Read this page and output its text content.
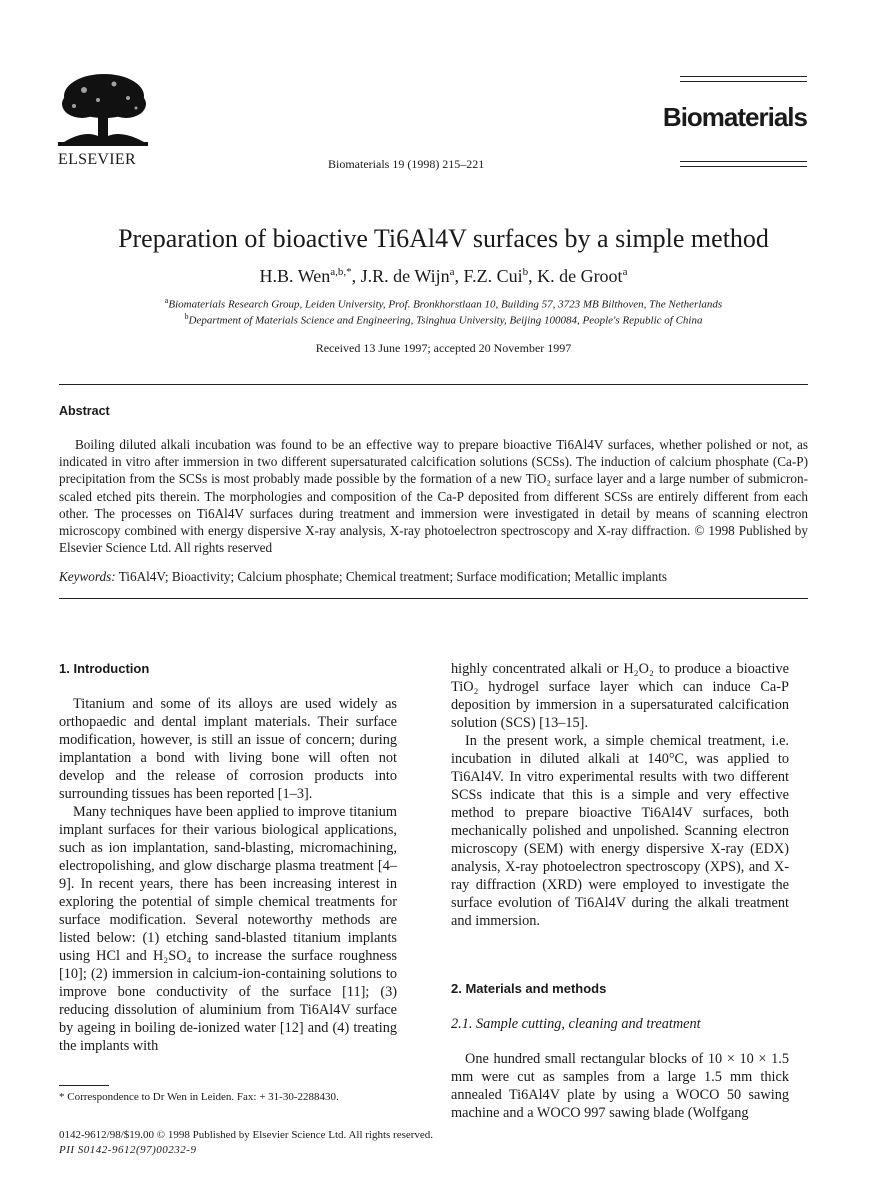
ELSEVIER	Biomaterials 19 (1998) 215–221
Biomaterials
Preparation of bioactive Ti6Al4V surfaces by a simple method
H.B. Wen$^{a,b,*}$, J.R. de Wijn$^a$, F.Z. Cui$^b$, K. de Groot$^a$
$^a$Biomaterials Research Group, Leiden University, Prof. Bronkhorstlaan 10, Building 57, 3723 MB Bilthoven, The Netherlands
$^b$Department of Materials Science and Engineering, Tsinghua University, Beijing 100084, People's Republic of China
Received 13 June 1997; accepted 20 November 1997
Abstract
Boiling diluted alkali incubation was found to be an effective way to prepare bioactive Ti6Al4V surfaces, whether polished or not, as indicated in vitro after immersion in two different supersaturated calcification solutions (SCSs). The induction of calcium phosphate (Ca-P) precipitation from the SCSs is most probably made possible by the formation of a new TiO₂ surface layer and a large number of submicron-scaled etched pits therein. The morphologies and composition of the Ca-P deposited from different SCSs are entirely different from each other. The processes on Ti6Al4V surfaces during treatment and immersion were investigated in detail by means of scanning electron microscopy combined with energy dispersive X-ray analysis, X-ray photoelectron spectroscopy and X-ray diffraction. © 1998 Published by Elsevier Science Ltd. All rights reserved
Keywords: Ti6Al4V; Bioactivity; Calcium phosphate; Chemical treatment; Surface modification; Metallic implants
1. Introduction

Titanium and some of its alloys are used widely as orthopaedic and dental implant materials. Their surface modification, however, is still an issue of concern; during implantation a bond with living bone will often not develop and the release of corrosion products into surrounding tissues has been reported [1–3].

Many techniques have been applied to improve titanium implant surfaces for their various biological applications, such as ion implantation, sand-blasting, micromachining, electropolishing, and glow discharge plasma treatment [4–9]. In recent years, there has been increasing interest in exploring the potential of simple chemical treatments for surface modification. Several noteworthy methods are listed below: (1) etching sand-blasted titanium implants using HCl and H₂SO₄ to increase the surface roughness [10]; (2) immersion in calcium-ion-containing solutions to improve bone conductivity of the surface [11]; (3) reducing dissolution of aluminium from Ti6Al4V surface by ageing in boiling de-ionized water [12] and (4) treating the implants with

highly concentrated alkali or H₂O₂ to produce a bioactive TiO₂ hydrogel surface layer which can induce Ca-P deposition by immersion in a supersaturated calcification solution (SCS) [13–15].

In the present work, a simple chemical treatment, i.e. incubation in diluted alkali at 140°C, was applied to Ti6Al4V. In vitro experimental results with two different SCSs indicate that this is a simple and very effective method to prepare bioactive Ti6Al4V surfaces, both mechanically polished and unpolished. Scanning electron microscopy (SEM) with energy dispersive X-ray (EDX) analysis, X-ray photoelectron spectroscopy (XPS), and X-ray diffraction (XRD) were employed to investigate the surface evolution of Ti6Al4V during the alkali treatment and immersion.

2. Materials and methods
2.1. Sample cutting, cleaning and treatment

One hundred small rectangular blocks of 10 × 10 × 1.5 mm were cut as samples from a large 1.5 mm thick annealed Ti6Al4V plate by using a WOCO 50 sawing machine and a WOCO 997 sawing blade (Wolfgang

* Correspondence to Dr Wen in Leiden. Fax: + 31-30-2288430.
0142-9612/98/$19.00 © 1998 Published by Elsevier Science Ltd. All rights reserved.
PII S0142-9612(97)00232-9
